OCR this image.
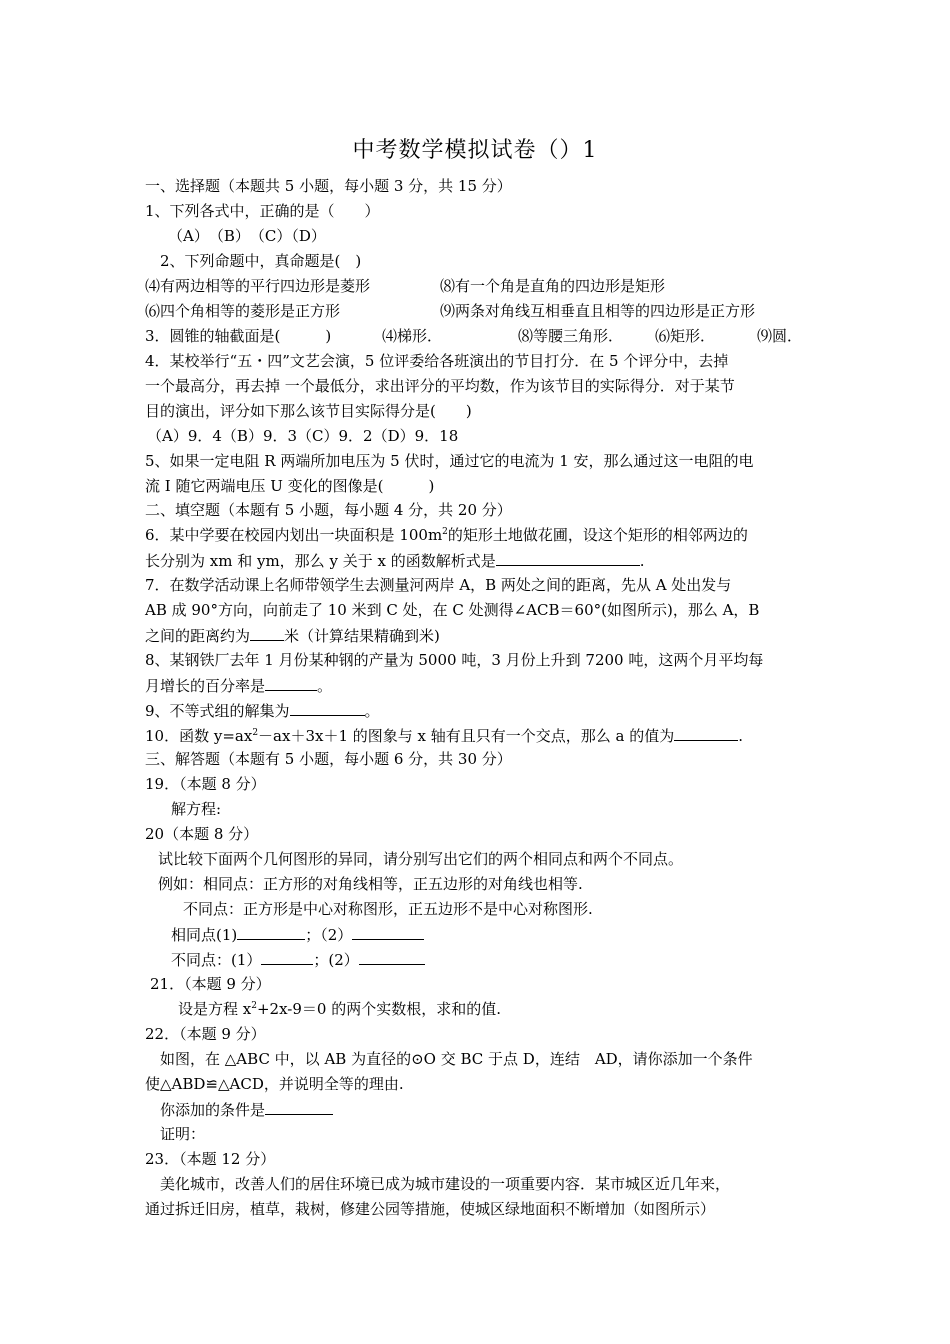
中考数学模拟试卷（）1
一、选择题（本题共 5 小题，每小题 3 分，共 15 分）
1、下列各式中，正确的是（　　）
（A）　（B）　（C）（D）
2、下列命题中，真命题是(　)
⑷有两边相等的平行四边形是菱形	⑻有一个角是直角的四边形是矩形
⑹四个角相等的菱形是正方形	⑼两条对角线互相垂直且相等的四边形是正方形
3．圆锥的轴截面是(　　　)	⑷梯形．	⑻等腰三角形． ⑹矩形．	⑼圆．
4．某校举行“五・四”文艺会演，5 位评委给各班演出的节目打分．在 5 个评分中，去掉
一个最高分，再去掉 一个最低分，求出评分的平均数，作为该节目的实际得分．对于某节
目的演出，评分如下那么该节目实际得分是(　　)
（A）9．4（B）9．3（C）9．2（D）9．18
5、如果一定电阻 R 两端所加电压为 5 伏时，通过它的电流为 1 安，那么通过这一电阻的电
流 I 随它两端电压 U 变化的图像是(　　　)
二、填空题（本题有 5 小题，每小题 4 分，共 20 分）
6．某中学要在校园内划出一块面积是 $100m^2$的矩形土地做花圃，设这个矩形的相邻两边的
长分别为 xm 和 ym，那么 y 关于 x 的函数解析式是	.
7．在数学活动课上名师带领学生去测量河两岸 A，B 两处之间的距离，先从 A 处出发与
AB 成 90°方向，向前走了 10 米到 C 处，在 C 处测得∠ACB＝60°(如图所示)，那么 A，B
之间的距离约为 米（计算结果精确到米)
8、某钢铁厂去年 1 月份某种钢的产量为 5000 吨，3 月份上升到 7200 吨，这两个月平均每
月增长的百分率是	。
9、不等式组的解集为	。
10．函数 $y=ax^2-ax+3x+1$ 的图象与 x 轴有且只有一个交点，那么 a 的值为	.
三、解答题（本题有 5 小题，每小题 6 分，共 30 分）
19．（本题 8 分）
解方程:
20（本题 8 分）
试比较下面两个几何图形的异同，请分别写出它们的两个相同点和两个不同点。
例如：相同点：正方形的对角线相等，正五边形的对角线也相等.
不同点：正方形是中心对称图形，正五边形不是中心对称图形.
相同点(1)	；（2）
不同点：(1）	；(2）
21．（本题 9 分）
设是方程 $x^2+2x-9=0$ 的两个实数根，求和的值.
22．（本题 9 分）
如图，在 △ABC 中，以 AB 为直径的⊙O 交 BC 于点 D，连结　AD，请你添加一个条件
使△ABD≌△ACD，并说明全等的理由.
你添加的条件是
证明：
23．（本题 12 分）
美化城市，改善人们的居住环境已成为城市建设的一项重要内容．某市城区近几年来，
通过拆迁旧房，植草，栽树，修建公园等措施，使城区绿地面积不断增加（如图所示）
